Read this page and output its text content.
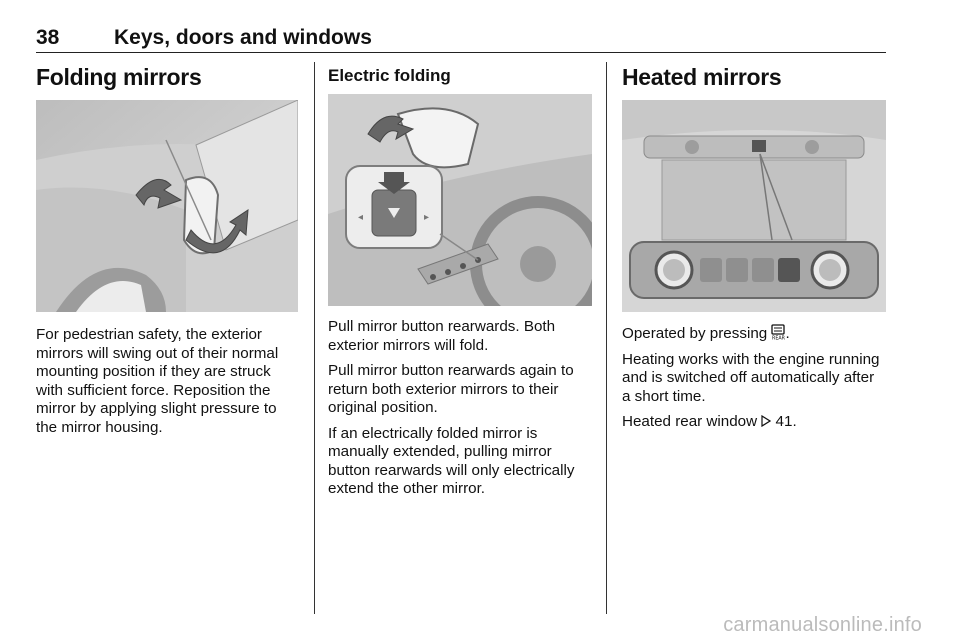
38	Keys, doors and windows
Folding mirrors

For pedestrian safety, the exterior mirrors will swing out of their normal mounting position if they are struck with sufficient force. Reposition the mirror by applying slight pressure to the mirror housing.

Electric folding
◂	▸

Pull mirror button rearwards. Both exterior mirrors will fold.

Pull mirror button rearwards again to return both exterior mirrors to their original position.

If an electrically folded mirror is manually extended, pulling mirror button rearwards will only electrically extend the other mirror.

Heated mirrors

Operated by pressing REAR .

Heating works with the engine running and is switched off automatically after a short time.

Heated rear window 41.

carmanualsonline.info
